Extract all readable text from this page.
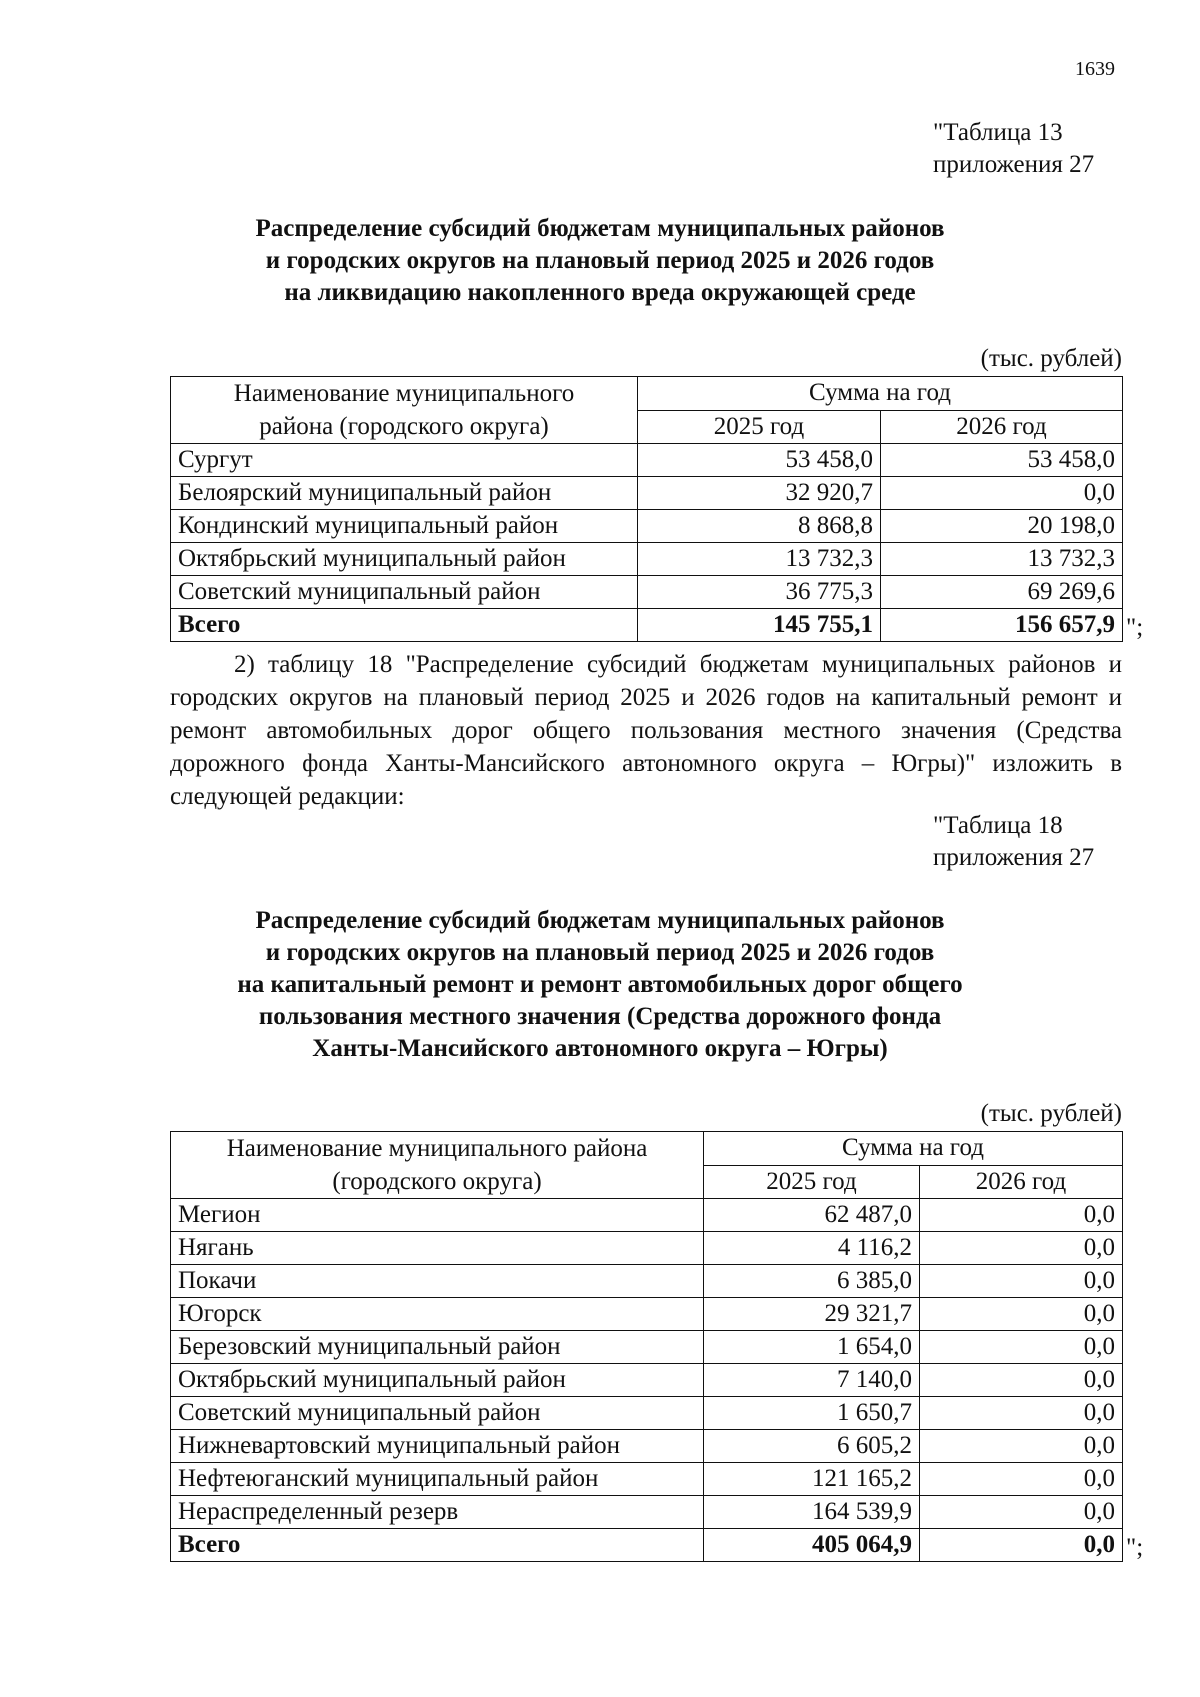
1639
"Таблица 13
приложения 27
Распределение субсидий бюджетам муниципальных районов
и городских округов на плановый период 2025 и 2026 годов
на ликвидацию накопленного вреда окружающей среде
(тыс. рублей)
Наименование муниципального
района (городского округа)	Сумма на год	
	2025 год	2026 год
Сургут	53 458,0	53 458,0
Белоярский муниципальный район	32 920,7	0,0
Кондинский муниципальный район	8 868,8	20 198,0
Октябрьский муниципальный район	13 732,3	13 732,3
Советский муниципальный район	36 775,3	69 269,6
Всего	145 755,1	156 657,9 ";
2) таблицу 18 "Распределение субсидий бюджетам муниципальных районов и городских округов на плановый период 2025 и 2026 годов на капитальный ремонт и ремонт автомобильных дорог общего пользования местного значения (Средства дорожного фонда Ханты-Мансийского автономного округа – Югры)" изложить в следующей редакции:
"Таблица 18
приложения 27
Распределение субсидий бюджетам муниципальных районов
и городских округов на плановый период 2025 и 2026 годов
на капитальный ремонт и ремонт автомобильных дорог общего
пользования местного значения (Средства дорожного фонда
Ханты-Мансийского автономного округа – Югры)
(тыс. рублей)
Наименование муниципального района
(городского округа)	Сумма на год	
	2025 год	2026 год
Мегион	62 487,0	0,0
Нягань	4 116,2	0,0
Покачи	6 385,0	0,0
Югорск	29 321,7	0,0
Березовский муниципальный район	1 654,0	0,0
Октябрьский муниципальный район	7 140,0	0,0
Советский муниципальный район	1 650,7	0,0
Нижневартовский муниципальный район	6 605,2	0,0
Нефтеюганский муниципальный район	121 165,2	0,0
Нераспределенный резерв	164 539,9	0,0
Всего	405 064,9	0,0 ";
